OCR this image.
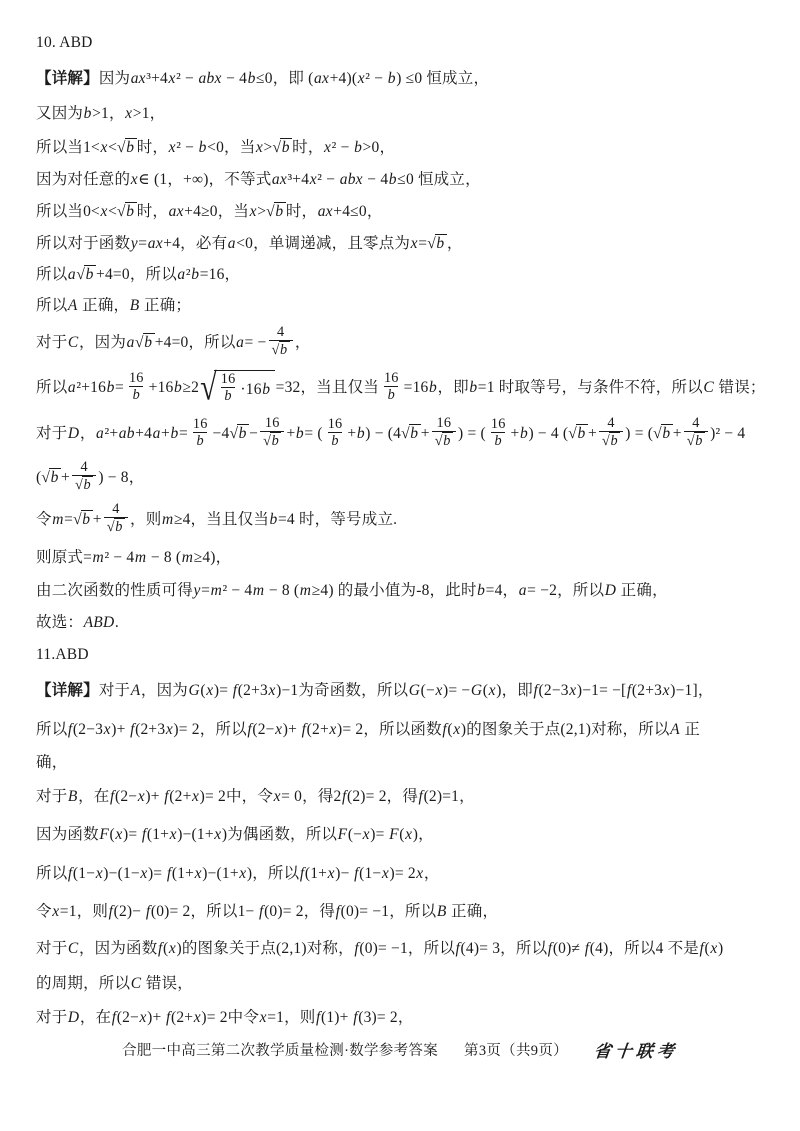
10. ABD

【详解】因为ax³+4x² − abx − 4b≤0，即 (ax+4)(x² − b) ≤0 恒成立，

又因为b>1，x>1，

所以当1<x<√b 时，x² − b<0，当x>√b 时，x² − b>0，

因为对任意的x∈ (1，+∞)，不等式ax³+4x² − abx − 4b≤0 恒成立，

所以当0<x<√b 时，ax+4≥0，当x>√b 时，ax+4≤0，

所以对于函数y=ax+4，必有a<0，单调递减，且零点为x=√b ，

所以a√b +4=0，所以a²b=16，

所以A 正确，B 正确；

对于C，因为a√b +4=0，所以$a= - \frac{4}{√b}$ ，

所以$a^2+16b= \frac{16}{b} +16b\ge 2$ √ 16
b ·16 b =32，当且仅当 $\frac{16}{b} =16b$，即b=1 时取等号，与条件不符，所以C 错误；

对于D，$a^2+ab+4a+b= \frac{16}{b} -4√b - \frac{16}{√b} +b=$ ( $\frac{16}{b} +b) - (4√b + \frac{16}{√b}$ ) = ( $\frac{16}{b} +b) - 4$ ($√b + \frac{4}{√b}$ ) = $(√b + \frac{4}{√b} )^2 - 4$

($√b + \frac{4}{√b}$ ) − 8，

令$m=√b + \frac{4}{√b}$ ，则m≥4，当且仅当b=4 时，等号成立.

则原式=m² − 4m − 8 (m≥4)，

由二次函数的性质可得y=m² − 4m − 8 (m≥4) 的最小值为-8，此时b=4，a= −2，所以D 正确，

故选：ABD.

11.ABD

【详解】对于A，因为G(x)= f(2+3x)−1为奇函数，所以G(−x)= −G(x)，即f(2−3x)−1= −[f(2+3x)−1]，

所以f(2−3x)+ f(2+3x)= 2，所以f(2−x)+ f(2+x)= 2，所以函数f(x)的图象关于点(2,1)对称，所以A 正

确，

对于B，在f(2−x)+ f(2+x)= 2中，令x= 0，得2f(2)= 2，得f(2)=1，

因为函数F(x)= f(1+x)−(1+x)为偶函数，所以F(−x)= F(x)，

所以f(1−x)−(1−x)= f(1+x)−(1+x)，所以f(1+x)− f(1−x)= 2x，

令x=1，则f(2)− f(0)= 2，所以1− f(0)= 2，得f(0)= −1，所以B 正确，

对于C，因为函数f(x)的图象关于点(2,1)对称，f(0)= −1，所以f(4)= 3，所以f(0)≠ f(4)，所以4 不是f(x)

的周期，所以C 错误，

对于D，在f(2−x)+ f(2+x)= 2中令x=1，则f(1)+ f(3)= 2，

合肥一中高三第二次教学质量检测·数学参考答案 第3页（共9页） 省十联考
